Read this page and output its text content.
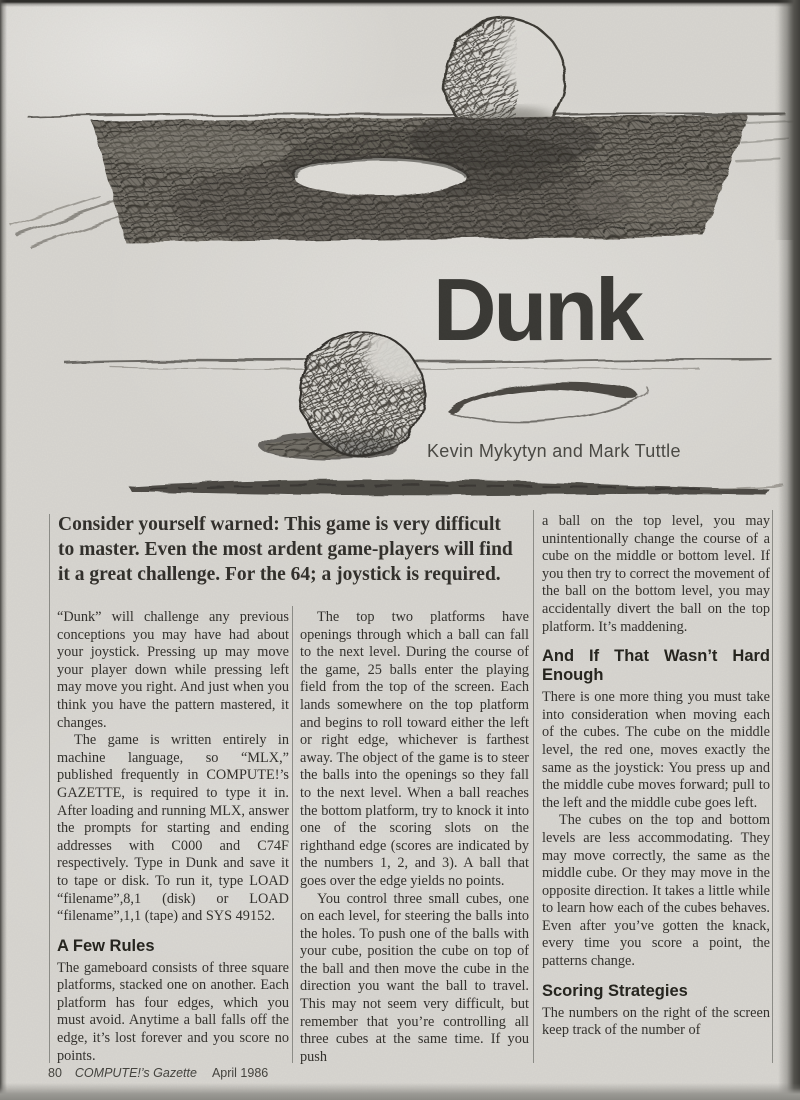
Dunk
Kevin Mykytyn and Mark Tuttle
Consider yourself warned: This game is very difficult to master. Even the most ardent game-players will find it a great challenge. For the 64; a joystick is required.

“Dunk” will challenge any previous conceptions you may have had about your joystick. Pressing up may move your player down while pressing left may move you right. And just when you think you have the pattern mastered, it changes.

The game is written entirely in machine language, so “MLX,” published frequently in COMPUTE!’s GAZETTE, is required to type it in. After loading and running MLX, answer the prompts for starting and ending addresses with C000 and C74F respectively. Type in Dunk and save it to tape or disk. To run it, type LOAD “filename”,8,1 (disk) or LOAD “filename”,1,1 (tape) and SYS 49152.

A Few Rules

The gameboard consists of three square platforms, stacked one on another. Each platform has four edges, which you must avoid. Anytime a ball falls off the edge, it’s lost forever and you score no points.

The top two platforms have openings through which a ball can fall to the next level. During the course of the game, 25 balls enter the playing field from the top of the screen. Each lands somewhere on the top platform and begins to roll toward either the left or right edge, whichever is farthest away. The object of the game is to steer the balls into the openings so they fall to the next level. When a ball reaches the bottom platform, try to knock it into one of the scoring slots on the righthand edge (scores are indicated by the numbers 1, 2, and 3). A ball that goes over the edge yields no points.

You control three small cubes, one on each level, for steering the balls into the holes. To push one of the balls with your cube, position the cube on top of the ball and then move the cube in the direction you want the ball to travel. This may not seem very difficult, but remember that you’re controlling all three cubes at the same time. If you push

a ball on the top level, you may unintentionally change the course of a cube on the middle or bottom level. If you then try to correct the movement of the ball on the bottom level, you may accidentally divert the ball on the top platform. It’s maddening.

And If That Wasn’t Hard Enough

There is one more thing you must take into consideration when moving each of the cubes. The cube on the middle level, the red one, moves exactly the same as the joystick: You press up and the middle cube moves forward; pull to the left and the middle cube goes left.

The cubes on the top and bottom levels are less accommodating. They may move correctly, the same as the middle cube. Or they may move in the opposite direction. It takes a little while to learn how each of the cubes behaves. Even after you’ve gotten the knack, every time you score a point, the patterns change.

Scoring Strategies

The numbers on the right of the screen keep track of the number of

80 COMPUTE!’s Gazette April 1986
